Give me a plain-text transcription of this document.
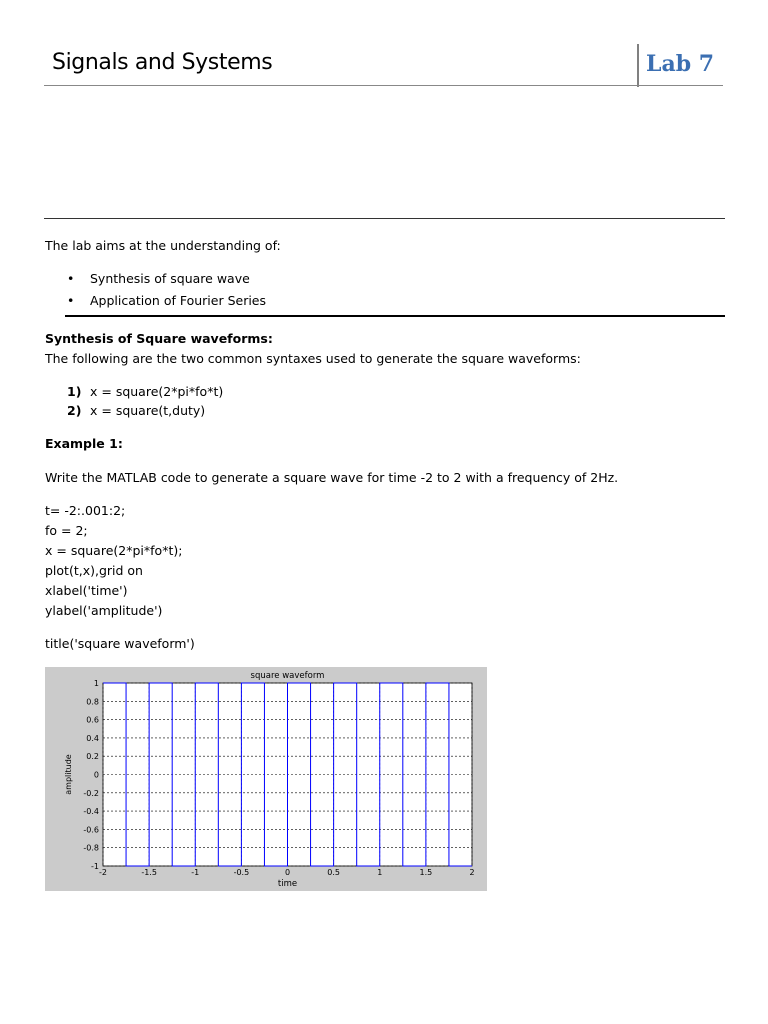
Signals and Systems	Lab 7
The lab aims at the understanding of:
• Synthesis of square wave
• Application of Fourier Series
Synthesis of Square waveforms:
The following are the two common syntaxes used to generate the square waveforms:
1) x = square(2*pi*fo*t)
2) x = square(t,duty)
Example 1:
Write the MATLAB code to generate a square wave for time -2 to 2 with a frequency of 2Hz.
t= -2:.001:2;
fo = 2;
x = square(2*pi*fo*t);
plot(t,x),grid on
xlabel('time')
ylabel('amplitude')
title('square waveform')
-2	-1.5	-1	-0.5	0	0.5	1	1.5	2
1
0.8
0.6
0.4
0.2
0
-0.2
-0.4
-0.6
-0.8
-1
square waveform
time
amplitude
